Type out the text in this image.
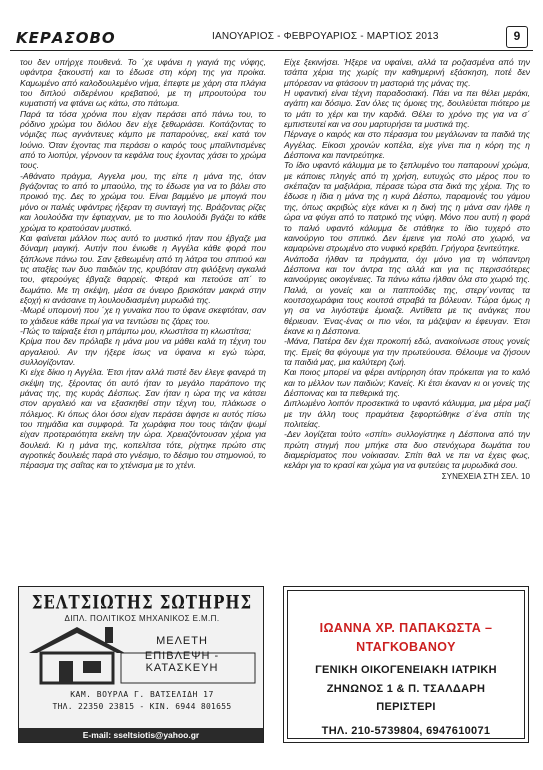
ΚΕΡΑΣΟΒΟ	ΙΑΝΟΥΑΡΙΟΣ - ΦΕΒΡΟΥΑΡΙΟΣ - ΜΑΡΤΙΟΣ 2013	9

του δεν υπήρχε πουθενά. Το ΄χε υφάνει η γιαγιά της νύφης, υφάντρα ξακουστή και το έδωσε στη κόρη της για προίκα. Καμωμένο από καλοδουλεμένο νήμα, έπεφτε με χάρη στα πλάγια του διπλού σιδερένιου κρεβατιού, με τη μπρουτούρα του κυματιστή να φτάνει ως κάτω, στο πάτωμα.

Παρά τα τόσα χρόνια που είχαν περάσει από πάνω του, το ρόδινο χρώμα του διόλου δεν είχε ξεθωριάσει. Κοιτάζοντας το νόμιζες πως αγνάντευες κάμπο με παπαρούνες, εκεί κατά τον Ιούνιο. Όταν έχοντας πια περάσει ο καιρός τους μπαϊλντισμένες από το λιοπύρι, γέρνουν τα κεφάλια τους έχοντας χάσει το χρώμα τους.

-Αθάνατο πράγμα, Αγγελα μου, της είπε η μάνα της, όταν βγάζοντας το από το μπαούλο, της το έδωσε για να το βάλει στο προικιό της. Δες το χρώμα του. Είναι βαμμένο με μπογιά που μόνο οι παλιές υφάντρες ήξεραν τη συνταγή της. Βράζοντας ρίζες και λουλούδια την έφτιαχναν, με το πιο λουλούδι βγάζει το κάθε χρώμα το κρατούσαν μυστικό.

Και φαίνεται μάλλον πως αυτό το μυστικό ήταν που έβγαζε μια δύναμη μαγική. Αυτήν που ένιωθε η Αγγέλα κάθε φορά που ξάπλωνε πάνω του. Σαν ξεθεωμένη από τη λάτρα του σπιτιού και τις αταξίες των δυο παιδιών της, κρυβόταν στη φιλόξενη αγκαλιά του, φτερούγες έβγαζε θαρρείς. Φτερά και πετούσε απ΄ το δωμάτιο. Με τη σκέψη, μέσα σε όνειρο βρισκόταν μακριά στην εξοχή κι ανάσαινε τη λουλουδιασμένη μυρωδιά της.

-Μωρέ υπομονή που ΄χε η γυναίκα που το ύφανε σκεφτόταν, σαν το χάιδευε κάθε πρωί για να τεντώσει τις ζάρες του.

-Πώς το ταίριαξε έτσι η μπάμπω μου, κλωστίτσα τη κλωστίτσα;

Κρίμα που δεν πρόλαβε η μάνα μου να μάθει καλά τη τέχνη του αργαλειού. Αν την ήξερε ίσως να ύφαινα κι εγώ τώρα, συλλογίζονταν.

Κι είχε δίκιο η Αγγέλα. Έτσι ήταν αλλά πιστέ δεν έλεγε φανερά τη σκέψη της, ξέροντας ότι αυτό ήταν το μεγάλο παράπονο της μάνας της, της κυράς Δέσπως. Σαν ήταν η ώρα της να κάτσει στον αργαλειό και να εξασκηθεί στην τέχνη του, πλάκωσε ο πόλεμος. Κι όπως όλοι όσοι είχαν περάσει άφησε κι αυτός πίσω του πημάδια και συμφορά. Τα χωράφια που τους τάιζαν ψωμί είχαν προτεραιότητα εκείνη την ώρα. Χρειαζόντουσαν χέρια για δουλειά. Κι η μάνα της, κοπελίτσα τότε, ρίχτηκε πρώτο στις αγροτικές δουλειές παρά στο γνέσιμο, το δέσιμο του στημονιού, το πέρασμα της σαΐτας και το χτένισμα με το χτένι.

Είχε ξεκινήσει. Ήξερε να υφαίνει, αλλά τα ροζιασμένα από την τσάπα χέρια της χωρίς την καθημερινή εξάσκηση, ποτέ δεν μπόρεσαν να φτάσουν τη μαστοριά της μάνας της.

Η υφαντική είναι τέχνη παραδοσιακή. Πάει να πει θέλει μεράκι, αγάπη και δόσιμο. Σαν όλες τις όμοιες της, δουλεύεται πιότερο με το μάτι το χέρι και την καρδιά. Θέλει το χρόνο της για να σ΄ εμπιστευτεί και να σου μαρτυρήσει τα μυστικά της.

Πέρναγε ο καιρός και στο πέρασμα του μεγάλωναν τα παιδιά της Αγγέλας. Είκοσι χρονών κοπέλα, είχε γίνει πια η κόρη της η Δέσποινα και παντρεύτηκε.

Το ίδιο υφαντό κάλυμμα με το ξεπλυμένο του παπαρουνί χρώμα, με κάποιες πληγές από τη χρήση, ευτυχώς στο μέρος που το σκέπαζαν τα μαξιλάρια, πέρασε τώρα στα δικά της χέρια. Της το έδωσε η ίδια η μάνα της η κυρά Δέσπω, παραμονές του γάμου της, όπως ακριβώς είχε κάνει κι η δική της η μάνα σαν ήλθε η ώρα να φύγει από το πατρικό της νύφη. Μόνο που αυτή η φορά το παλιό υφαντό κάλυμμα δε στάθηκε το ίδιο τυχερό στο καινούργιο του σπιτικό. Δεν έμεινε για πολύ στο χωριό, να καμαρώνει στρωμένο στο νυφικό κρεβάτι. Γρήγορα ξενιτεύτηκε.

Ανάποδα ήλθαν τα πράγματα, όχι μόνο για τη νιόπαντρη Δέσποινα και τον άντρα της αλλά και για τις περισσότερες καινούργιες οικογένειες. Τα πάνω κάτω ήλθαν όλα στο χωριό της. Παλιά, οι γονείς και οι παππούδες της, στεργ΄νοντας τα κουτσοχωράφια τους κουτσά στραβά τα βόλευαν. Τώρα όμως η γη σα να λιγόστεψε έμοιαζε. Αντίθετα με τις ανάγκες που θέριευαν. Ένας-ένας οι πιο νέοι, τα μάζεψαν κι έφευγαν. Έτσι έκανε κι η Δέσποινα.

-Μάνα, Πατέρα δεν έχει προκοπή εδώ, ανακοίνωσε στους γονείς της. Εμείς θα φύγουμε για την πρωτεύουσα. Θέλουμε να ζήσουν τα παιδιά μας, μια καλύτερη ζωή.

Και ποιος μπορεί να φέρει αντίρρηση όταν πρόκειται για το καλό και το μέλλον των παιδιών; Κανείς. Κι έτσι έκαναν κι οι γονείς της Δέσποινας και τα πεθερικά της.

Διπλωμένο λοιπόν προσεκτικά το υφαντό κάλυμμα, μια μέρα μαζί με την άλλη τους πραμάτεια ξεφορτώθηκε σ΄ένα σπίτι της πολιτείας.

-Δεν λογίζεται τούτο «σπίτι» συλλογίστηκε η Δέσποινα από την πρώτη στιγμή που μπήκε στα δυο στενόχωρα δωμάτια του διαμερίσματος που νοίκιασαν. Σπίτι θαλ νε πει να έχεις φως, κελάρι για το κρασί και χώμα για να φυτεύεις τα μυρωδικά σου.

ΣΥΝΕΧΕΙΑ ΣΤΗ ΣΕΛ. 10

ΣΕΛΤΣΙΩΤΗΣ ΣΩΤΗΡΗΣ
ΔΙΠΛ. ΠΟΛΙΤΙΚΟΣ ΜΗΧΑΝΙΚΟΣ Ε.Μ.Π.
ΜΕΛΕΤΗ
ΕΠΙΒΛΕΨΗ - ΚΑΤΑΣΚΕΥΗ
ΚΑΜ. ΒΟΥΡΛΑ Γ. ΒΑΤΣΕΛΙΔΗ 17
ΤΗΛ. 22350 23815 - ΚΙΝ. 6944 801655
E-mail: sseltsiotis@yahoo.gr
ΙΩΑΝΝΑ ΧΡ. ΠΑΠΑΚΩΣΤΑ –
ΝΤΑΓΚΟΒΑΝΟΥ
ΓΕΝΙΚΗ ΟΙΚΟΓΕΝΕΙΑΚΗ ΙΑΤΡΙΚΗ
ΖΗΝΩΝΟΣ 1 & Π. ΤΣΑΛΔΑΡΗ
ΠΕΡΙΣΤΕΡΙ
ΤΗΛ. 210-5739804, 6947610071
